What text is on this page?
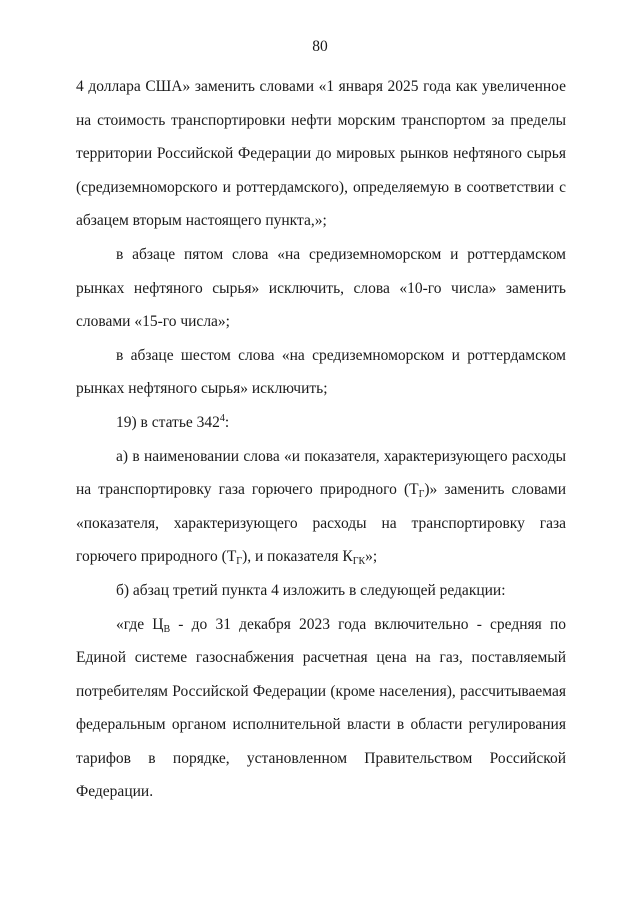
80

4 доллара США» заменить словами «1 января 2025 года как увеличенное на стоимость транспортировки нефти морским транспортом за пределы территории Российской Федерации до мировых рынков нефтяного сырья (средиземноморского и роттердамского), определяемую в соответствии с абзацем вторым настоящего пункта,»;

в абзаце пятом слова «на средиземноморском и роттердамском рынках нефтяного сырья» исключить, слова «10-го числа» заменить словами «15-го числа»;

в абзаце шестом слова «на средиземноморском и роттердамском рынках нефтяного сырья» исключить;

19) в статье $342^4$:

а) в наименовании слова «и показателя, характеризующего расходы на транспортировку газа горючего природного $(Т_Г)$» заменить словами «показателя, характеризующего расходы на транспортировку газа горючего природного $(Т_Г)$, и показателя $К_{ГК}$»;

б) абзац третий пункта 4 изложить в следующей редакции:

«где $Ц_В$ - до 31 декабря 2023 года включительно - средняя по Единой системе газоснабжения расчетная цена на газ, поставляемый потребителям Российской Федерации (кроме населения), рассчитываемая федеральным органом исполнительной власти в области регулирования тарифов в порядке, установленном Правительством Российской Федерации.
